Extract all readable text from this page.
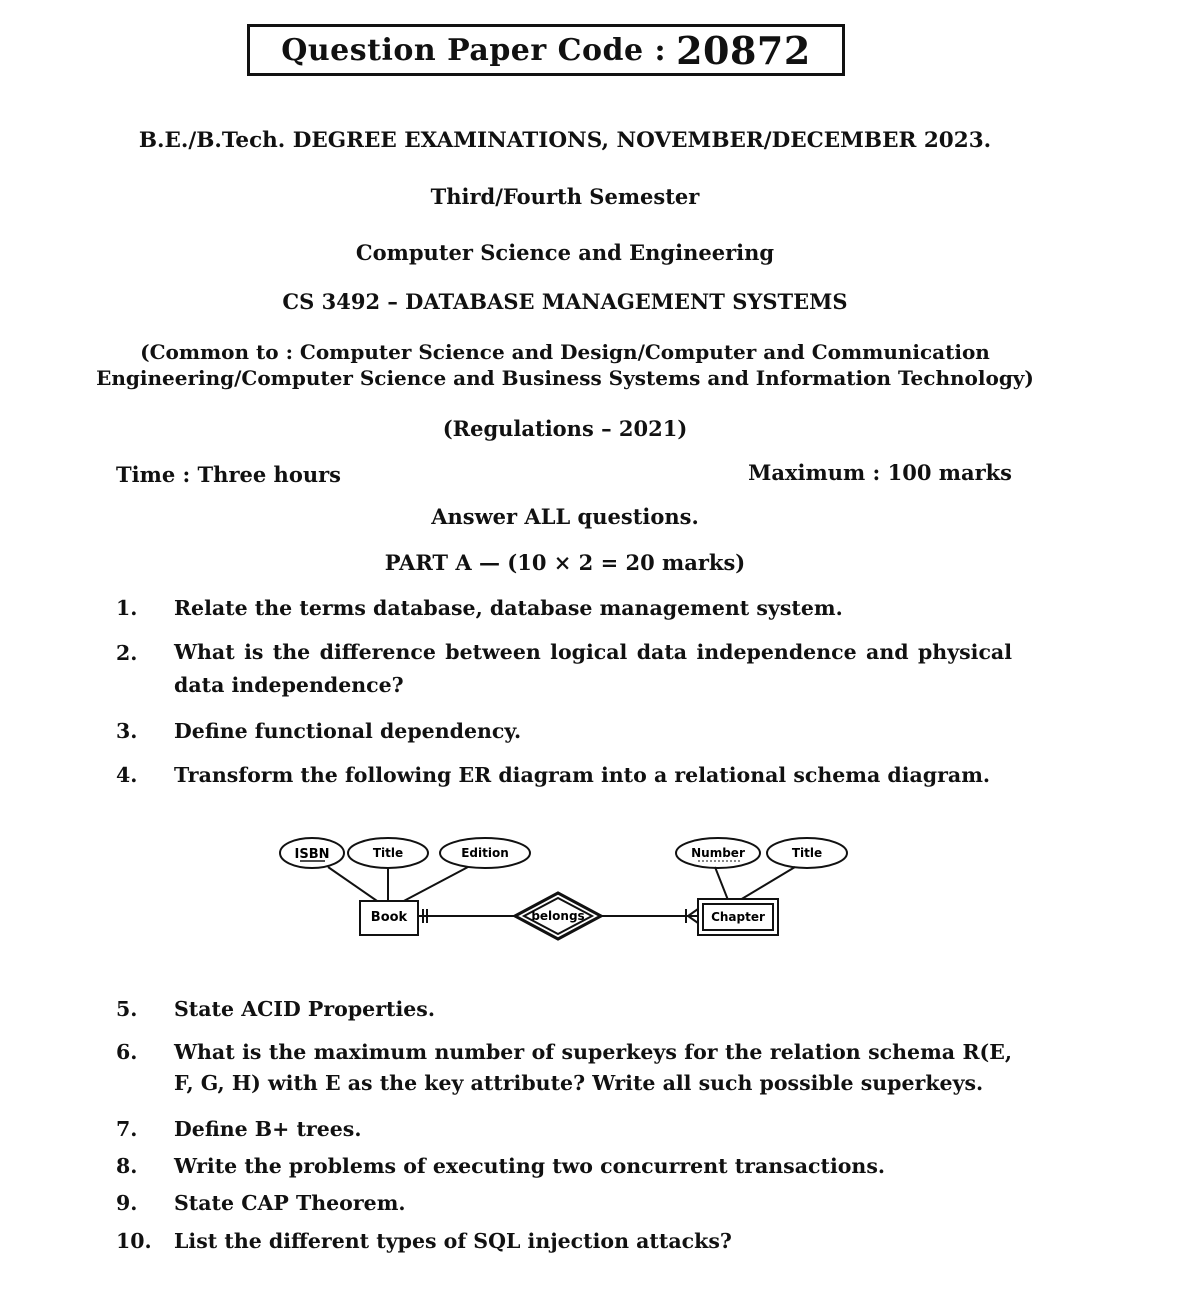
Question Paper Code : 20872
B.E./B.Tech. DEGREE EXAMINATIONS, NOVEMBER/DECEMBER 2023.
Third/Fourth Semester
Computer Science and Engineering
CS 3492 – DATABASE MANAGEMENT SYSTEMS
(Common to : Computer Science and Design/Computer and Communication
Engineering/Computer Science and Business Systems and Information Technology)
(Regulations – 2021)
Time : Three hours	Maximum : 100 marks
Answer ALL questions.
PART A — (10 × 2 = 20 marks)
1. Relate the terms database, database management system.
2. What is the difference between logical data independence and physical data independence?
3. Define functional dependency.
4. Transform the following ER diagram into a relational schema diagram.
ISBN	Title	Edition	Number	Title
Book	Chapter
belongs
5. State ACID Properties.
6. What is the maximum number of superkeys for the relation schema R(E, F, G, H) with E as the key attribute? Write all such possible superkeys.
7. Define B+ trees.
8. Write the problems of executing two concurrent transactions.
9. State CAP Theorem.
10. List the different types of SQL injection attacks?
